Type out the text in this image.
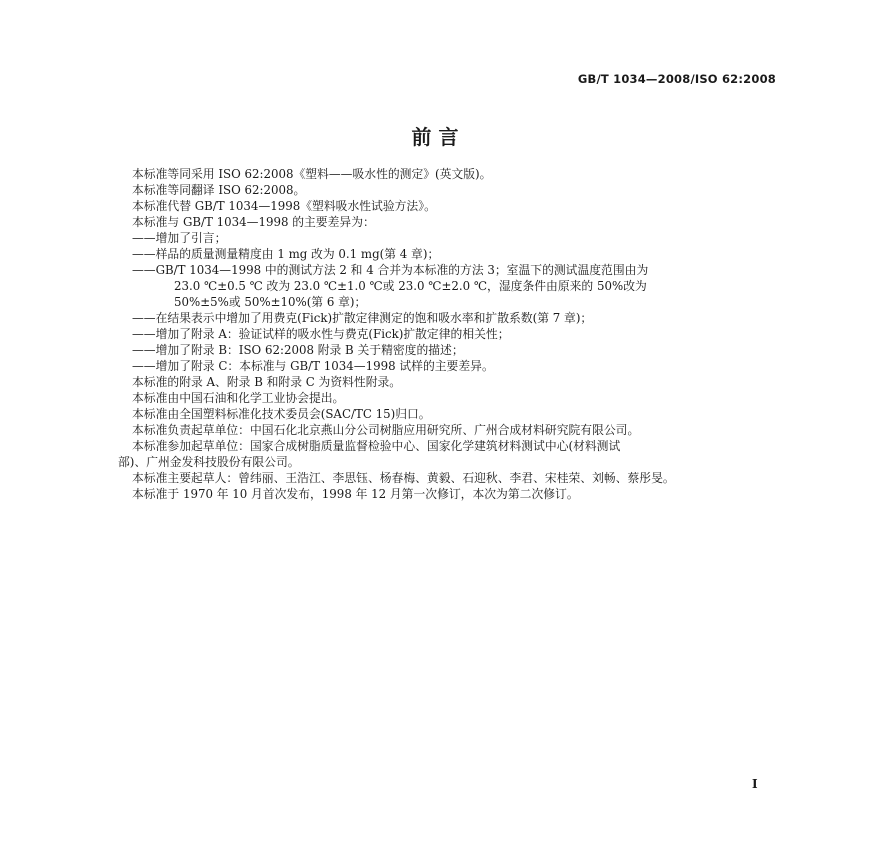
GB/T 1034—2008/ISO 62:2008
前 言
本标准等同采用 ISO 62:2008《塑料——吸水性的测定》(英文版)。
本标准等同翻译 ISO 62:2008。
本标准代替 GB/T 1034—1998《塑料吸水性试验方法》。
本标准与 GB/T 1034—1998 的主要差异为：
——增加了引言；
——样品的质量测量精度由 1 mg 改为 0.1 mg(第 4 章)；
——GB/T 1034—1998 中的测试方法 2 和 4 合并为本标准的方法 3；室温下的测试温度范围由为
23.0 ℃±0.5 ℃ 改为 23.0 ℃±1.0 ℃或 23.0 ℃±2.0 ℃，湿度条件由原来的 50%改为
50%±5%或 50%±10%(第 6 章)；
——在结果表示中增加了用费克(Fick)扩散定律测定的饱和吸水率和扩散系数(第 7 章)；
——增加了附录 A：验证试样的吸水性与费克(Fick)扩散定律的相关性；
——增加了附录 B：ISO 62:2008 附录 B 关于精密度的描述；
——增加了附录 C：本标准与 GB/T 1034—1998 试样的主要差异。
本标准的附录 A、附录 B 和附录 C 为资料性附录。
本标准由中国石油和化学工业协会提出。
本标准由全国塑料标准化技术委员会(SAC/TC 15)归口。
本标准负责起草单位：中国石化北京燕山分公司树脂应用研究所、广州合成材料研究院有限公司。
本标准参加起草单位：国家合成树脂质量监督检验中心、国家化学建筑材料测试中心(材料测试
部)、广州金发科技股份有限公司。
本标准主要起草人：曾纬丽、王浩江、李思钰、杨春梅、黄毅、石迎秋、李君、宋桂荣、刘畅、蔡彤旻。
本标准于 1970 年 10 月首次发布，1998 年 12 月第一次修订，本次为第二次修订。
I
